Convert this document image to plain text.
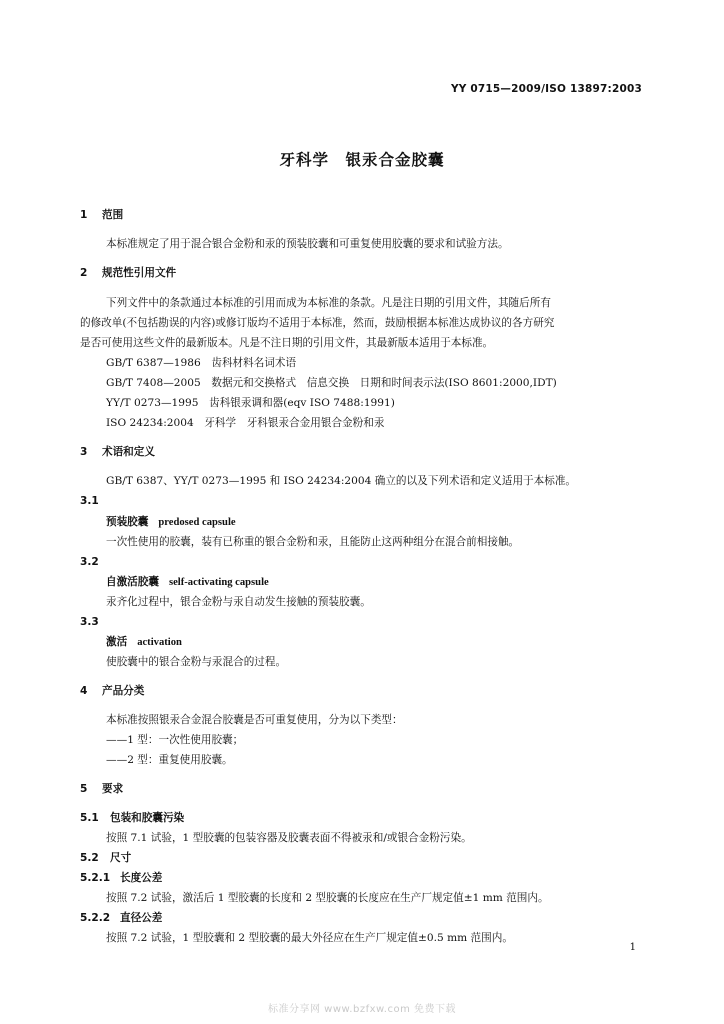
YY 0715—2009/ISO 13897:2003
牙科学　银汞合金胶囊
1 范围
本标准规定了用于混合银合金粉和汞的预装胶囊和可重复使用胶囊的要求和试验方法。
2 规范性引用文件
下列文件中的条款通过本标准的引用而成为本标准的条款。凡是注日期的引用文件，其随后所有
的修改单(不包括勘误的内容)或修订版均不适用于本标准，然而，鼓励根据本标准达成协议的各方研究
是否可使用这些文件的最新版本。凡是不注日期的引用文件，其最新版本适用于本标准。
GB/T 6387—1986　齿科材料名词术语
GB/T 7408—2005　数据元和交换格式　信息交换　日期和时间表示法(ISO 8601:2000,IDT)
YY/T 0273—1995　齿科银汞调和器(eqv ISO 7488:1991)
ISO 24234:2004　牙科学　牙科银汞合金用银合金粉和汞
3 术语和定义
GB/T 6387、YY/T 0273—1995 和 ISO 24234:2004 确立的以及下列术语和定义适用于本标准。
3.1
预装胶囊 predosed capsule
一次性使用的胶囊，装有已称重的银合金粉和汞，且能防止这两种组分在混合前相接触。
3.2
自激活胶囊 self-activating capsule
汞齐化过程中，银合金粉与汞自动发生接触的预装胶囊。
3.3
激活 activation
使胶囊中的银合金粉与汞混合的过程。
4 产品分类
本标准按照银汞合金混合胶囊是否可重复使用，分为以下类型：
——1 型：一次性使用胶囊；
——2 型：重复使用胶囊。
5 要求
5.1 包装和胶囊污染
按照 7.1 试验，1 型胶囊的包装容器及胶囊表面不得被汞和/或银合金粉污染。
5.2 尺寸
5.2.1 长度公差
按照 7.2 试验，激活后 1 型胶囊的长度和 2 型胶囊的长度应在生产厂规定值±1 mm 范围内。
5.2.2 直径公差
按照 7.2 试验，1 型胶囊和 2 型胶囊的最大外径应在生产厂规定值±0.5 mm 范围内。
1
标准分享网 www.bzfxw.com 免费下载
